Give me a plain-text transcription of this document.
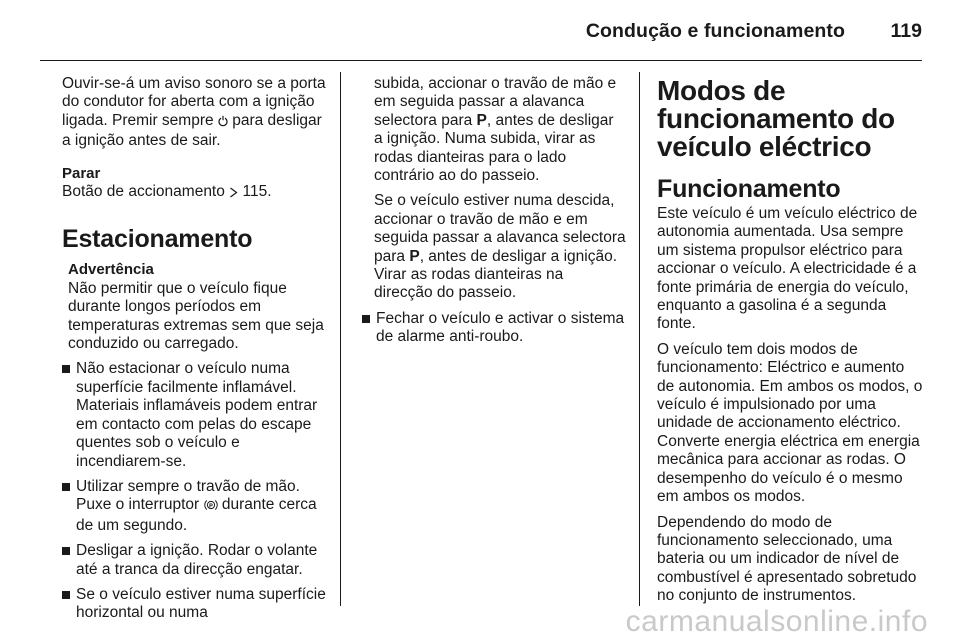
Condução e funcionamento 119

Ouvir-se-á um aviso sonoro se a porta do condutor for aberta com a ignição ligada. Premir sempre  para desligar a ignição antes de sair.

Parar

Botão de accionamento  115.

Estacionamento

Advertência

Não permitir que o veículo fique durante longos períodos em temperaturas extremas sem que seja conduzido ou carregado.

Não estacionar o veículo numa superfície facilmente inflamável. Materiais inflamáveis podem entrar em contacto com pelas do escape quentes sob o veículo e incendiarem-se.
Utilizar sempre o travão de mão. Puxe o interruptor P durante cerca de um segundo.
Desligar a ignição. Rodar o volante até a tranca da direcção engatar.
Se o veículo estiver numa superfície horizontal ou numa

subida, accionar o travão de mão e em seguida passar a alavanca selectora para P, antes de desligar a ignição. Numa subida, virar as rodas dianteiras para o lado contrário ao do passeio.

Se o veículo estiver numa descida, accionar o travão de mão e em seguida passar a alavanca selectora para P, antes de desligar a ignição. Virar as rodas dianteiras na direcção do passeio.

Fechar o veículo e activar o sistema de alarme anti-roubo.

Modos de funcionamento do veículo eléctrico

Funcionamento

Este veículo é um veículo eléctrico de autonomia aumentada. Usa sempre um sistema propulsor eléctrico para accionar o veículo. A electricidade é a fonte primária de energia do veículo, enquanto a gasolina é a segunda fonte.

O veículo tem dois modos de funcionamento: Eléctrico e aumento de autonomia. Em ambos os modos, o veículo é impulsionado por uma unidade de accionamento eléctrico. Converte energia eléctrica em energia mecânica para accionar as rodas. O desempenho do veículo é o mesmo em ambos os modos.

Dependendo do modo de funcionamento seleccionado, uma bateria ou um indicador de nível de combustível é apresentado sobretudo no conjunto de instrumentos.

carmanualsonline.info
